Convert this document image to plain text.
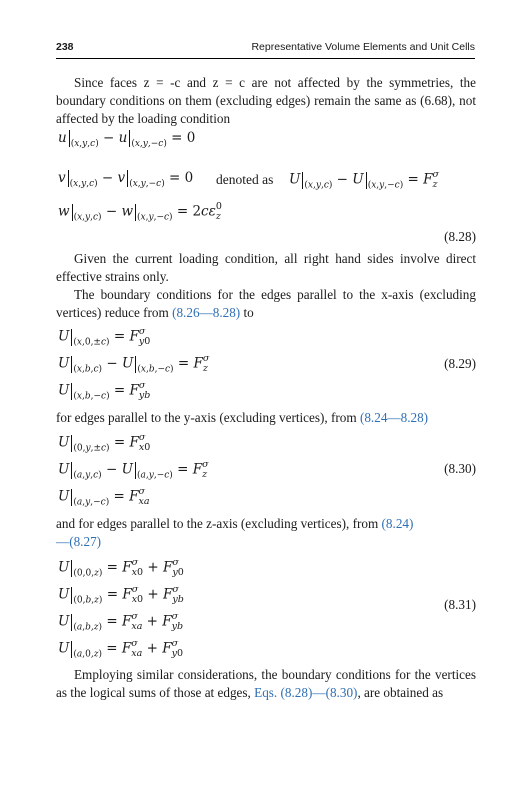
238	Representative Volume Elements and Unit Cells
Since faces z = -c and z = c are not affected by the symmetries, the boundary conditions on them (excluding edges) remain the same as (6.68), not affected by the loading condition
u $_{(x,y,c)}$ − u $_{(x,y,-c)}$ = 0
v $_{(x,y,c)}$ − v $_{(x,y,-c)}$ = 0 denoted as U $_{(x,y,c)}$ − U $_{(x,y,-c)}$ = F σ
z
w $_{(x,y,c)}$ − w $_{(x,y,-c)}$ = 2cε 0
z
(8.28)
Given the current loading condition, all right hand sides involve direct effective strains only.
The boundary conditions for the edges parallel to the x-axis (excluding vertices) reduce from (8.26—8.28) to
U $_{(x,0,\pm c)}$ = F σ
y0
U $_{(x,b,c)}$ − U $_{(x,b,-c)}$ = F σ
z	(8.29)
U $_{(x,b,-c)}$ = F σ
yb
for edges parallel to the y-axis (excluding vertices), from (8.24—8.28)
U $_{(0,y,\pm c)}$ = F σ
x0
U $_{(a,y,c)}$ − U $_{(a,y,-c)}$ = F σ
z	(8.30)
U $_{(a,y,-c)}$ = F σ
xa
and for edges parallel to the z-axis (excluding vertices), from (8.24)
—(8.27)
U $_{(0,0,z)}$ = F σ
x0 + F σ
y0
U $_{(0,b,z)}$ = F σ
x0 + F σ
yb	(8.31)
U $_{(a,b,z)}$ = F σ
xa + F σ
yb
U $_{(a,0,z)}$ = F σ
xa + F σ
y0
Employing similar considerations, the boundary conditions for the vertices as the logical sums of those at edges, Eqs. (8.28)—(8.30), are obtained as
